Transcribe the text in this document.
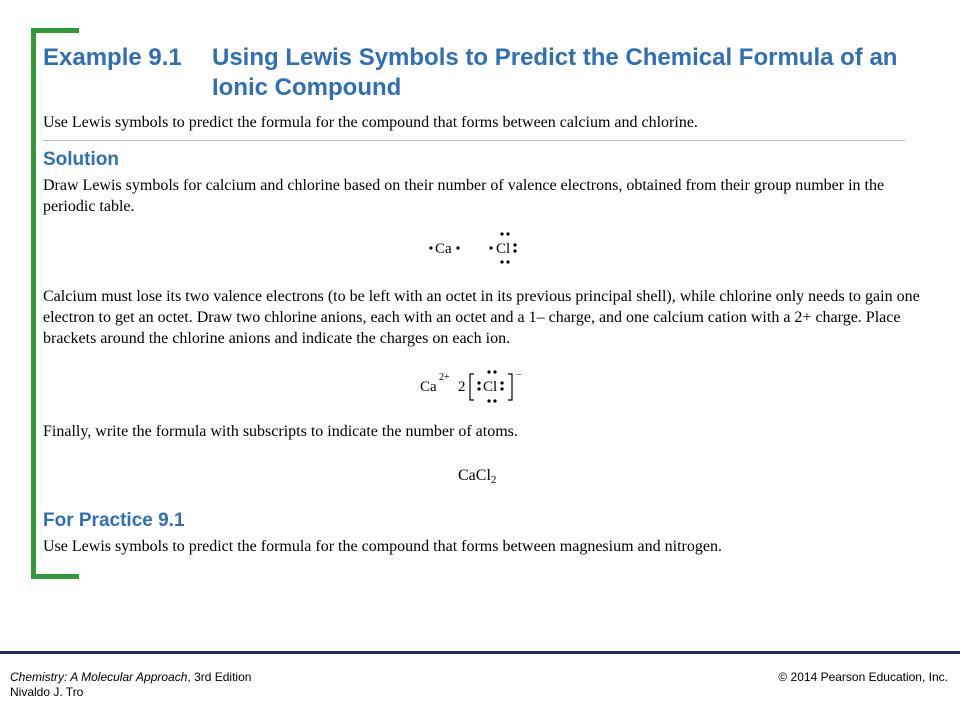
Example 9.1 Using Lewis Symbols to Predict the Chemical Formula of an Ionic Compound
Use Lewis symbols to predict the formula for the compound that forms between calcium and chlorine.
Solution
Draw Lewis symbols for calcium and chlorine based on their number of valence electrons, obtained from their group number in the periodic table.
Ca	Cl
Calcium must lose its two valence electrons (to be left with an octet in its previous principal shell), while chlorine only needs to gain one electron to get an octet. Draw two chlorine anions, each with an octet and a 1– charge, and one calcium cation with a 2+ charge. Place brackets around the chlorine anions and indicate the charges on each ion.
Ca
2+
2 Cl
−
Finally, write the formula with subscripts to indicate the number of atoms.
CaCl$_2$
For Practice 9.1
Use Lewis symbols to predict the formula for the compound that forms between magnesium and nitrogen.
Chemistry: A Molecular Approach, 3rd Edition
Nivaldo J. Tro
© 2014 Pearson Education, Inc.
